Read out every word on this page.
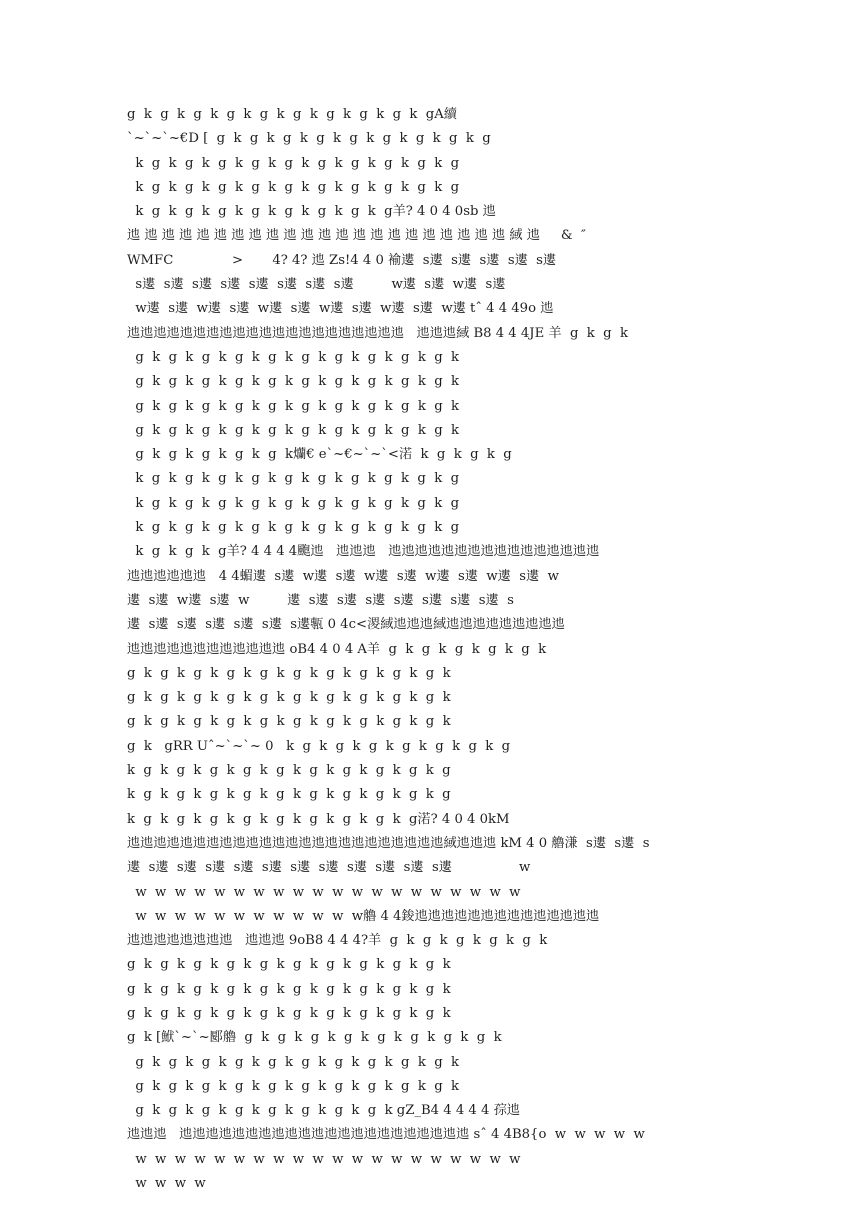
g  k  g  k  g  k  g  k  g  k  g  k  g  k  g  k  g  k  gA續
`~`~`~€D [  g  k  g  k  g  k  g  k  g  k  g  k  g  k  g  k  g
k  g  k  g  k  g  k  g  k  g  k  g  k  g  k  g  k  g  k  g
k  g  k  g  k  g  k  g  k  g  k  g  k  g  k  g  k  g  k  g
k  g  k  g  k  g  k  g  k  g  k  g  k  g  k  g羊? 4 0 4 0sb 迆
迆 迆 迆 迆 迆 迆 迆 迆 迆 迆 迆 迆 迆 迆 迆 迆 迆 迆 迆 迆 迆 迆 緎 迆     &  ″
WMFC              >       4? 4? 迆 Zs!4 4 0 褕遱  s遱  s遱  s遱  s遱  s遱
s遱  s遱  s遱  s遱  s遱  s遱  s遱  s遱         w遱  s遱  w遱  s遱
w遱  s遱  w遱  s遱  w遱  s遱  w遱  s遱  w遱  s遱  w遱 tˆ 4 4 49o 迆
迆迆迆迆迆迆迆迆迆迆迆迆迆迆迆迆迆迆迆迆迆   迆迆迆緎 B8 4 4 4JE 羊  g  k  g  k
g  k  g  k  g  k  g  k  g  k  g  k  g  k  g  k  g  k  g  k
g  k  g  k  g  k  g  k  g  k  g  k  g  k  g  k  g  k  g  k
g  k  g  k  g  k  g  k  g  k  g  k  g  k  g  k  g  k  g  k
g  k  g  k  g  k  g  k  g  k  g  k  g  k  g  k  g  k  g  k
g  k  g  k  g  k  g  k  g  k爤€ e`~€~`~`<渃  k  g  k  g  k  g
k  g  k  g  k  g  k  g  k  g  k  g  k  g  k  g  k  g  k  g
k  g  k  g  k  g  k  g  k  g  k  g  k  g  k  g  k  g  k  g
k  g  k  g  k  g  k  g  k  g  k  g  k  g  k  g  k  g  k  g
k  g  k  g  k  g羊? 4 4 4 4颮迆   迆迆迆   迆迆迆迆迆迆迆迆迆迆迆迆迆迆迆迆
迆迆迆迆迆迆   4 4蝞遱  s遱  w遱  s遱  w遱  s遱  w遱  s遱  w遱  s遱  w
遱  s遱  w遱  s遱  w         遱  s遱  s遱  s遱  s遱  s遱  s遱  s遱  s
遱  s遱  s遱  s遱  s遱  s遱  s遱甎 0 4c<溭緎迆迆迆緎迆迆迆迆迆迆迆迆迆
迆迆迆迆迆迆迆迆迆迆迆迆 oB4 4 0 4 A羊  g  k  g  k  g  k  g  k  g  k
g  k  g  k  g  k  g  k  g  k  g  k  g  k  g  k  g  k  g  k
g  k  g  k  g  k  g  k  g  k  g  k  g  k  g  k  g  k  g  k
g  k  g  k  g  k  g  k  g  k  g  k  g  k  g  k  g  k  g  k
g  k   gRR Uˆ~`~`~ 0   k  g  k  g  k  g  k  g  k  g  k  g  k  g
k  g  k  g  k  g  k  g  k  g  k  g  k  g  k  g  k  g  k  g
k  g  k  g  k  g  k  g  k  g  k  g  k  g  k  g  k  g  k  g
k  g  k  g  k  g  k  g  k  g  k  g  k  g  k  g  k  g渃? 4 0 4 0kM
迆迆迆迆迆迆迆迆迆迆迆迆迆迆迆迆迆迆迆迆迆迆迆迆緎迆迆迆 kM 4 0 艪溓  s遱  s遱  s
遱  s遱  s遱  s遱  s遱  s遱  s遱  s遱  s遱  s遱  s遱  s遱                w
w  w  w  w  w  w  w  w  w  w  w  w  w  w  w  w  w  w  w  w
w  w  w  w  w  w  w  w  w  w  w  w艪 4 4鋑迆迆迆迆迆迆迆迆迆迆迆迆迆迆
迆迆迆迆迆迆迆迆   迆迆迆 9oB8 4 4 4?羊  g  k  g  k  g  k  g  k  g  k
g  k  g  k  g  k  g  k  g  k  g  k  g  k  g  k  g  k  g  k
g  k  g  k  g  k  g  k  g  k  g  k  g  k  g  k  g  k  g  k
g  k  g  k  g  k  g  k  g  k  g  k  g  k  g  k  g  k  g  k
g  k [鮲`~`~郾艪  g  k  g  k  g  k  g  k  g  k  g  k  g  k  g  k
g  k  g  k  g  k  g  k  g  k  g  k  g  k  g  k  g  k  g  k
g  k  g  k  g  k  g  k  g  k  g  k  g  k  g  k  g  k  g  k
g  k  g  k  g  k  g  k  g  k  g  k  g  k  g  k gZ_B4 4 4 4 4 孮迆
迆迆迆   迆迆迆迆迆迆迆迆迆迆迆迆迆迆迆迆迆迆迆迆迆迆 sˆ 4 4B8{o  w  w  w  w  w
w  w  w  w  w  w  w  w  w  w  w  w  w  w  w  w  w  w  w  w
w  w  w  w
